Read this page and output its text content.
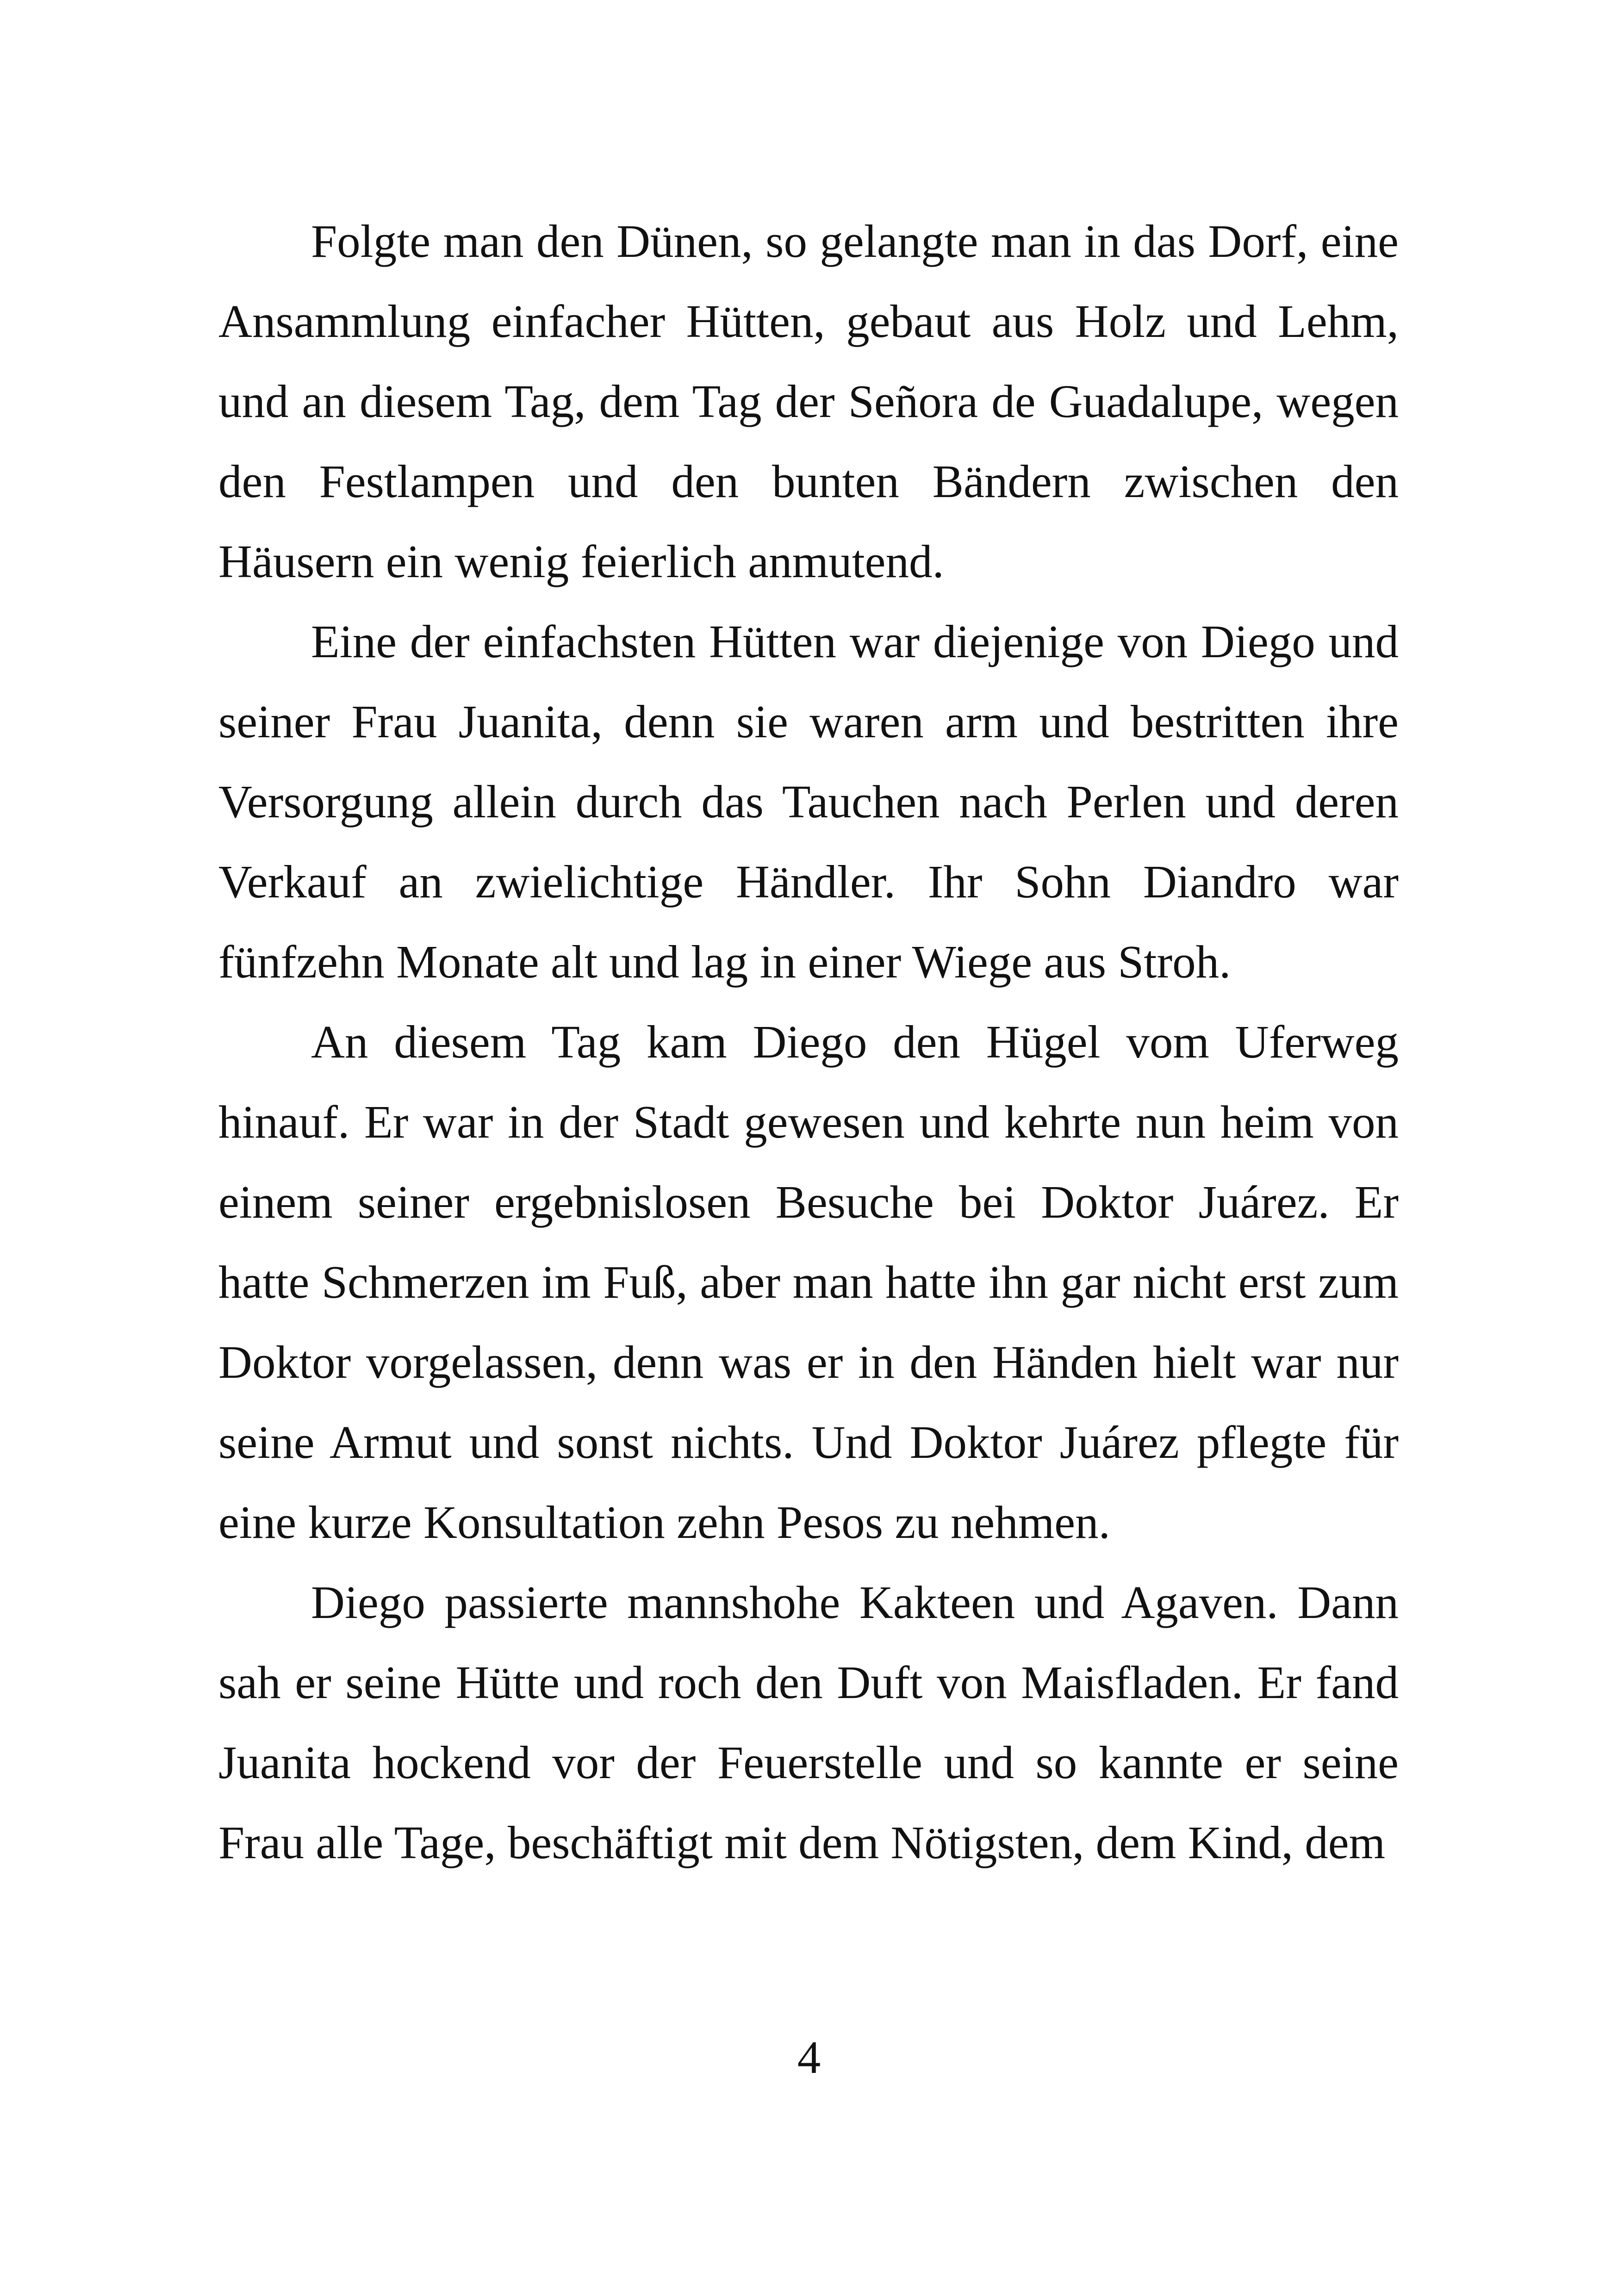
Folgte man den Dünen, so gelangte man in das Dorf, eine Ansammlung einfacher Hütten, gebaut aus Holz und Lehm, und an diesem Tag, dem Tag der Señora de Guadalupe, wegen den Festlampen und den bunten Bändern zwischen den Häusern ein wenig feierlich anmutend.

Eine der einfachsten Hütten war diejenige von Diego und seiner Frau Juanita, denn sie waren arm und bestritten ihre Versorgung allein durch das Tauchen nach Perlen und deren Verkauf an zwielichtige Händler. Ihr Sohn Diandro war fünfzehn Monate alt und lag in einer Wiege aus Stroh.

An diesem Tag kam Diego den Hügel vom Uferweg hinauf. Er war in der Stadt gewesen und kehrte nun heim von einem seiner ergebnislosen Besuche bei Doktor Juárez. Er hatte Schmerzen im Fuß, aber man hatte ihn gar nicht erst zum Doktor vorgelassen, denn was er in den Händen hielt war nur seine Armut und sonst nichts. Und Doktor Juárez pflegte für eine kurze Konsultation zehn Pesos zu nehmen.

Diego passierte mannshohe Kakteen und Agaven. Dann sah er seine Hütte und roch den Duft von Maisfladen. Er fand Juanita hockend vor der Feuerstelle und so kannte er seine Frau alle Tage, beschäftigt mit dem Nötigsten, dem Kind, dem

4
